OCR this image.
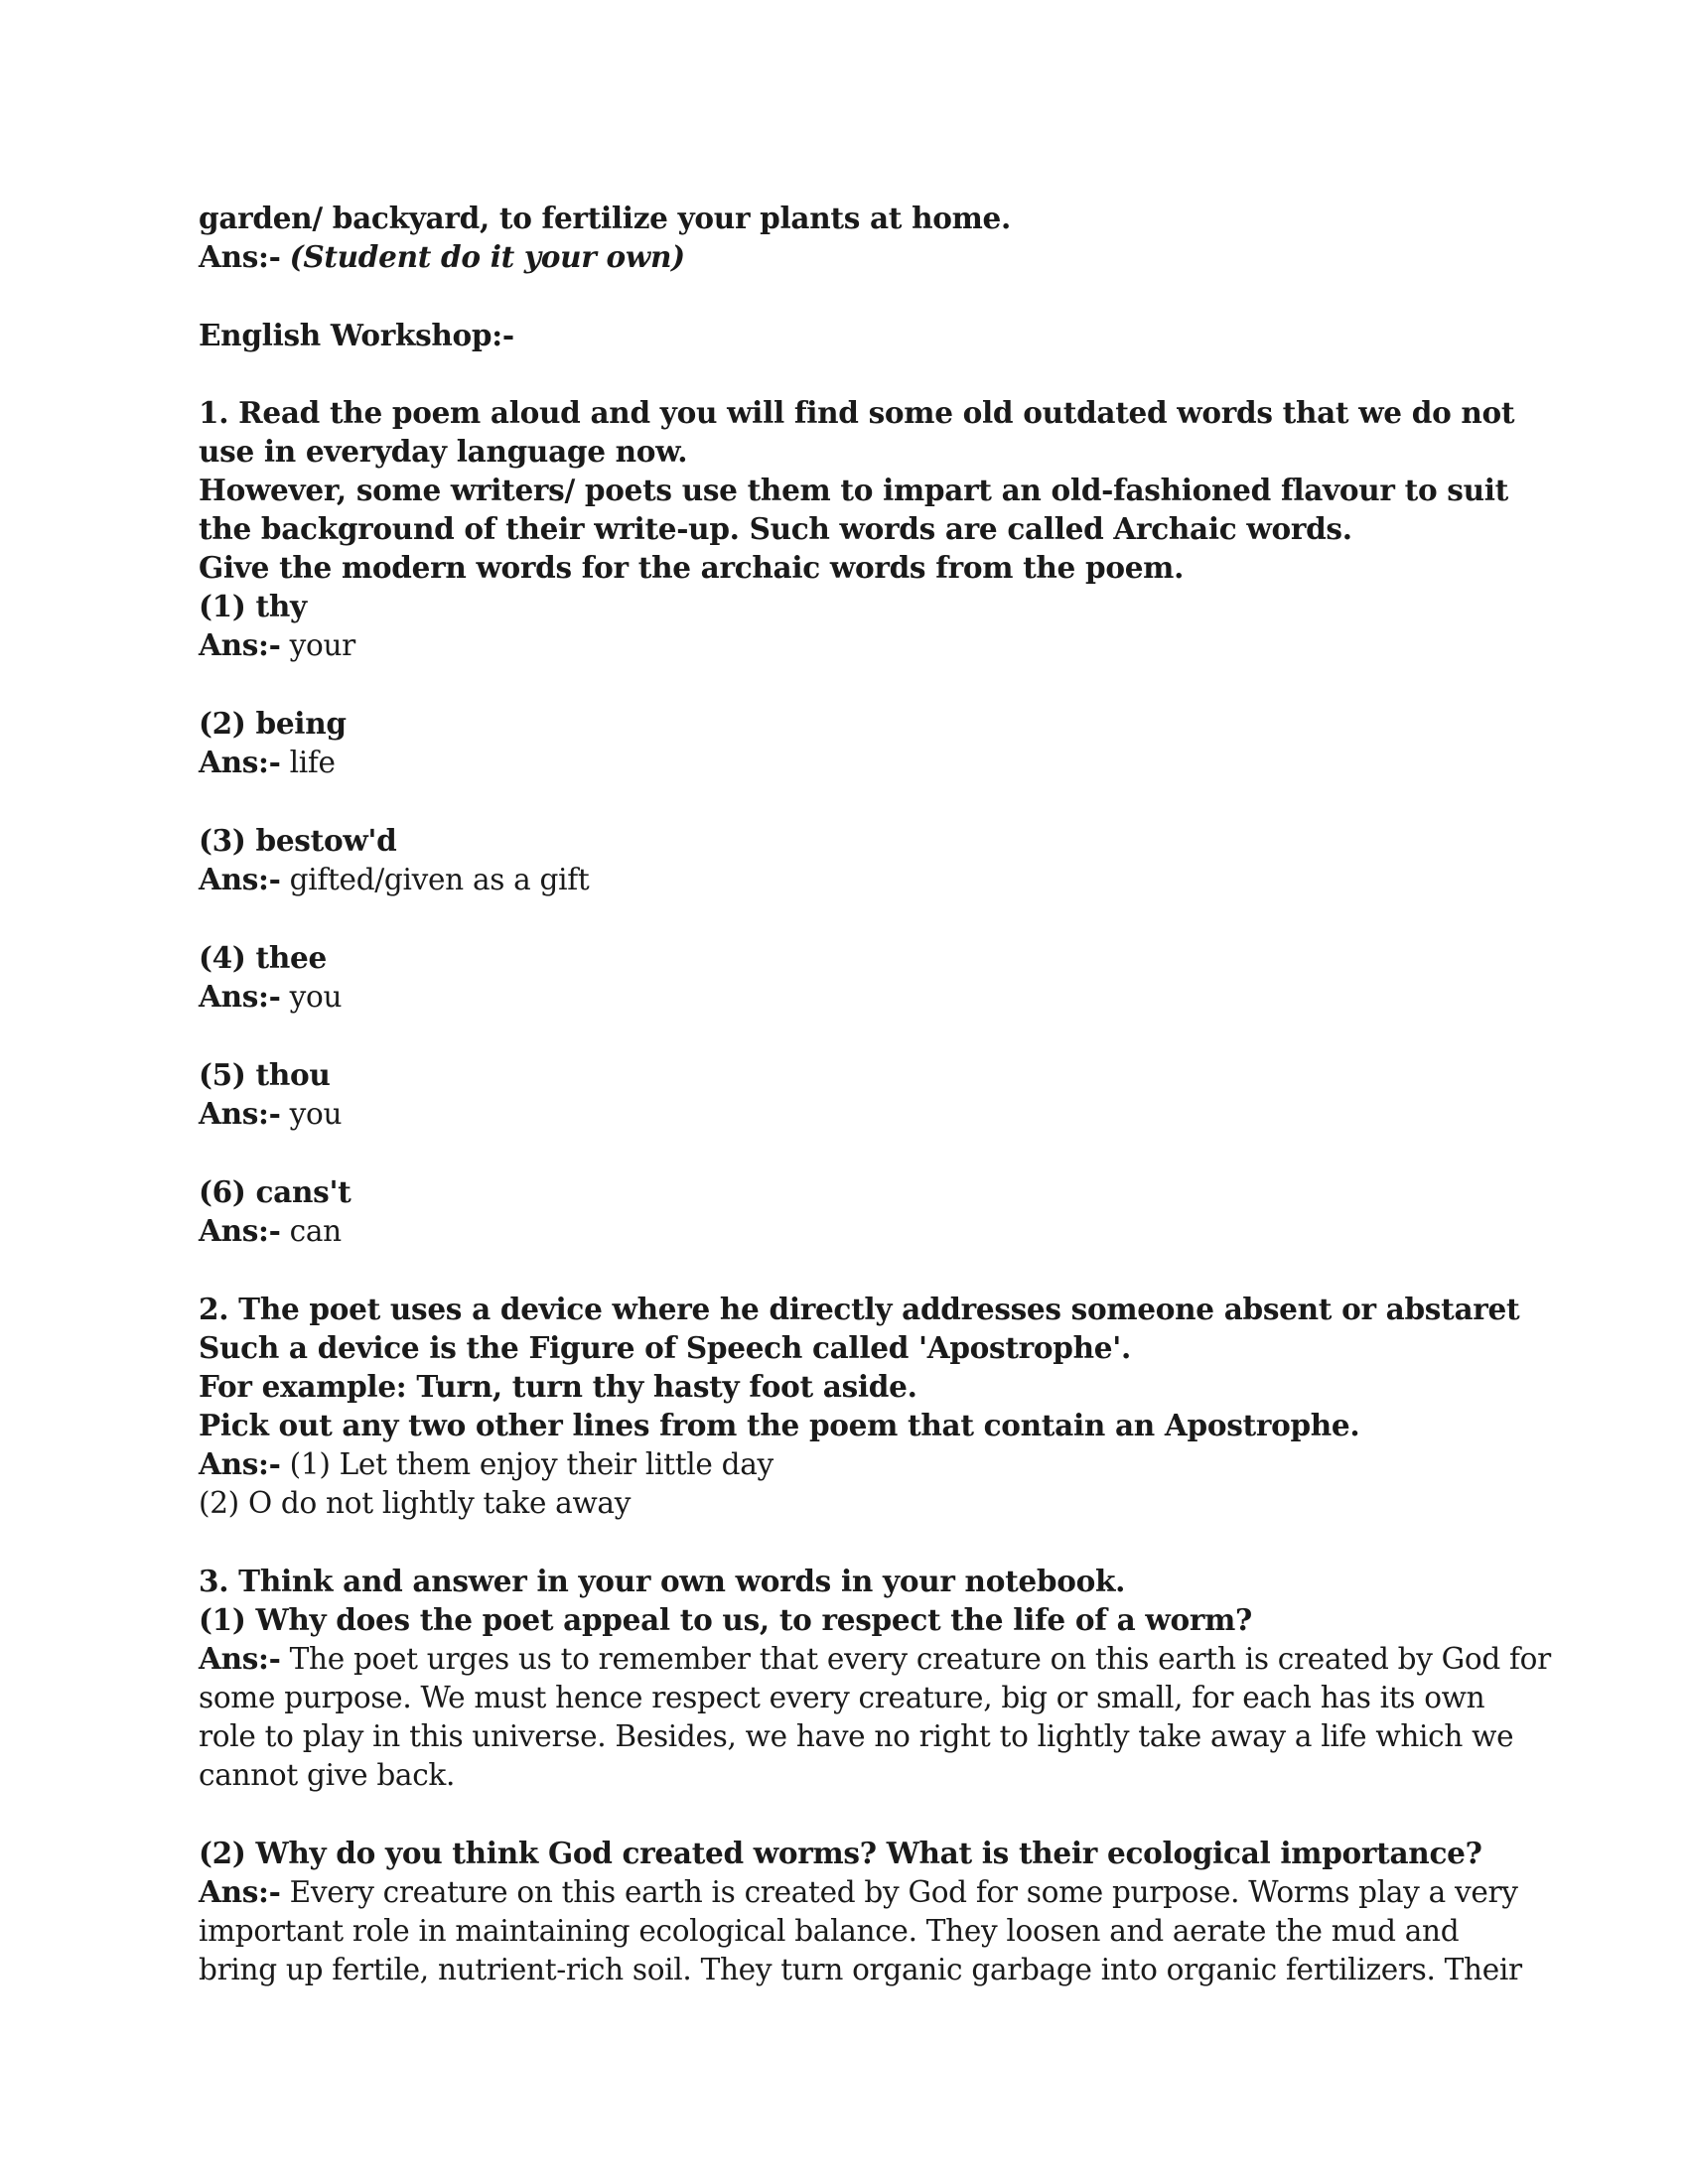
garden/ backyard, to fertilize your plants at home.
Ans:- (Student do it your own)
English Workshop:-
1. Read the poem aloud and you will find some old outdated words that we do not
use in everyday language now.
However, some writers/ poets use them to impart an old-fashioned flavour to suit
the background of their write-up. Such words are called Archaic words.
Give the modern words for the archaic words from the poem.
(1) thy
Ans:- your
(2) being
Ans:- life
(3) bestow'd
Ans:- gifted/given as a gift
(4) thee
Ans:- you
(5) thou
Ans:- you
(6) cans't
Ans:- can
2. The poet uses a device where he directly addresses someone absent or abstaret
Such a device is the Figure of Speech called 'Apostrophe'.
For example: Turn, turn thy hasty foot aside.
Pick out any two other lines from the poem that contain an Apostrophe.
Ans:- (1) Let them enjoy their little day
(2) O do not lightly take away
3. Think and answer in your own words in your notebook.
(1) Why does the poet appeal to us, to respect the life of a worm?
Ans:- The poet urges us to remember that every creature on this earth is created by God for
some purpose. We must hence respect every creature, big or small, for each has its own
role to play in this universe. Besides, we have no right to lightly take away a life which we
cannot give back.
(2) Why do you think God created worms? What is their ecological importance?
Ans:- Every creature on this earth is created by God for some purpose. Worms play a very
important role in maintaining ecological balance. They loosen and aerate the mud and
bring up fertile, nutrient-rich soil. They turn organic garbage into organic fertilizers. Their
